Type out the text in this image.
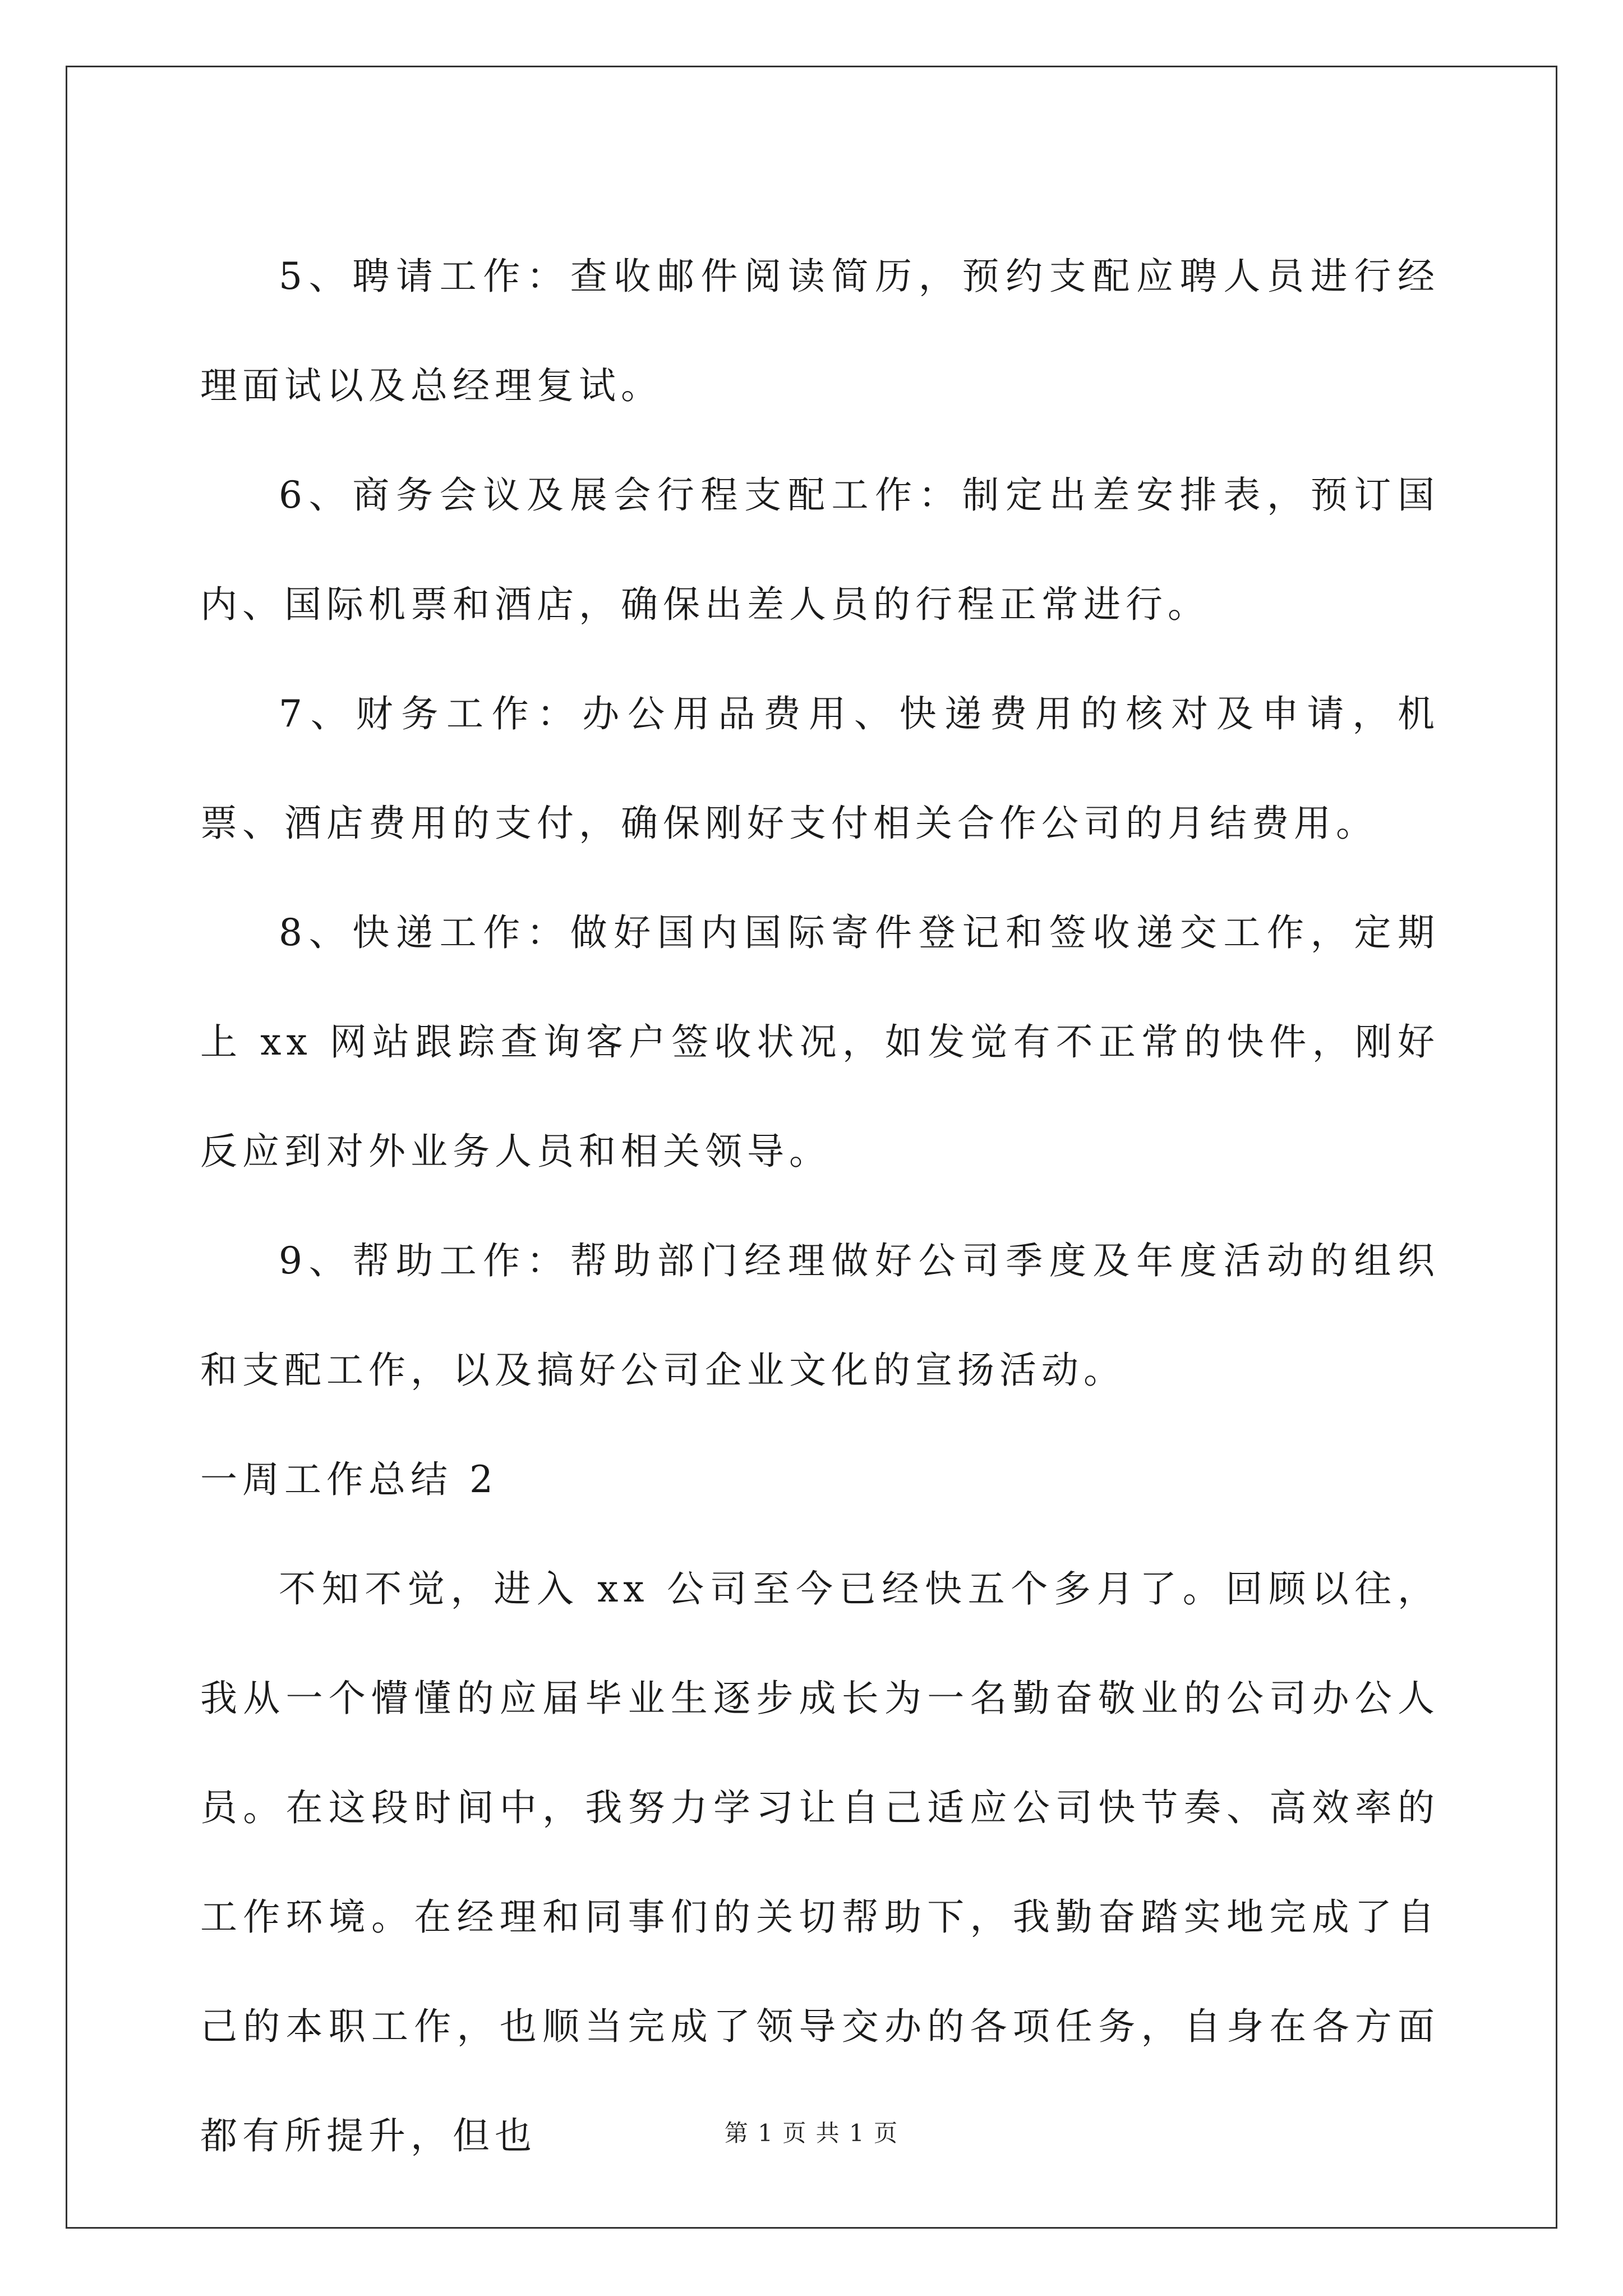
5、聘请工作：查收邮件阅读简历，预约支配应聘人员进行经理面试以及总经理复试。

6、商务会议及展会行程支配工作：制定出差安排表，预订国内、国际机票和酒店，确保出差人员的行程正常进行。

7、财务工作：办公用品费用、快递费用的核对及申请，机票、酒店费用的支付，确保刚好支付相关合作公司的月结费用。

8、快递工作：做好国内国际寄件登记和签收递交工作，定期上 xx 网站跟踪查询客户签收状况，如发觉有不正常的快件，刚好反应到对外业务人员和相关领导。

9、帮助工作：帮助部门经理做好公司季度及年度活动的组织和支配工作，以及搞好公司企业文化的宣扬活动。

一周工作总结 2

不知不觉，进入 xx 公司至今已经快五个多月了。回顾以往，我从一个懵懂的应届毕业生逐步成长为一名勤奋敬业的公司办公人员。在这段时间中，我努力学习让自己适应公司快节奏、高效率的工作环境。在经理和同事们的关切帮助下，我勤奋踏实地完成了自己的本职工作，也顺当完成了领导交办的各项任务，自身在各方面都有所提升，但也	第 1 页 共 1 页
